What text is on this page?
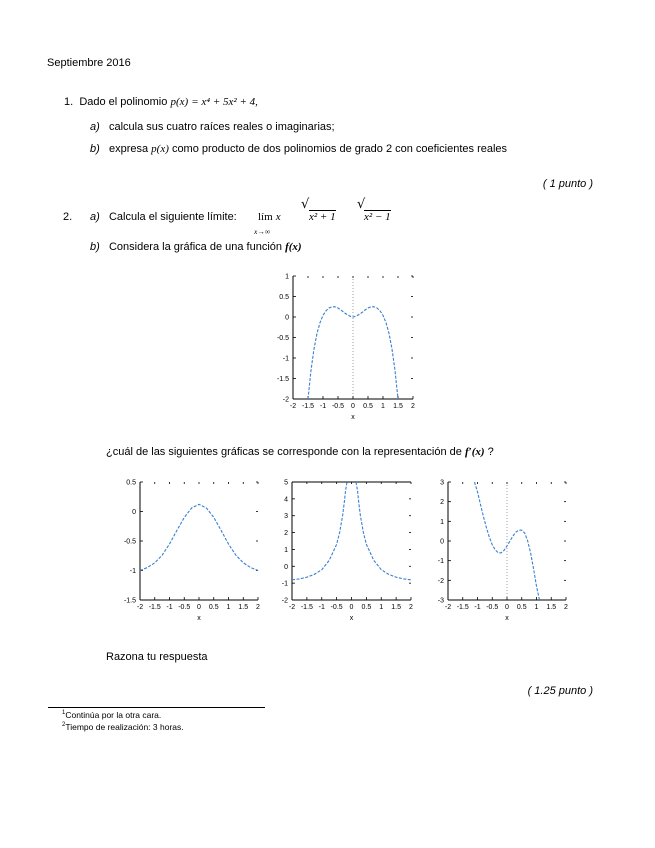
Septiembre 2016
1. Dado el polinomio p(x) = x⁴ + 5x² + 4,
a) calcula sus cuatro raíces reales o imaginarias;
b) expresa p(x) como producto de dos polinomios de grado 2 con coeficientes reales
( 1 punto )
2. a) Calcula el siguiente límite: lím x
x→∞
√
x² + 1
√
x² − 1
b) Considera la gráfica de una función f(x)
1
0.5
0
-0.5
-1
-1.5
-2
-2 -1.5 -1 -0.5 0 0.5 1 1.5 2
x
¿cuál de las siguientes gráficas se corresponde con la representación de f′(x) ?
0.5
0
-0.5
-1
-1.5
-2 -1.5 -1 -0.5 0 0.5 1 1.5 2
x
5
4
3
2
1
0
-1
-2
-2 -1.5 -1 -0.5 0 0.5 1 1.5 2
x
3
2
1
0
-1
-2
-3
-2 -1.5 -1 -0.5 0 0.5 1 1.5 2
x
Razona tu respuesta
( 1.25 punto )
$^1$Continúa por la otra cara.
$^2$Tiempo de realización: 3 horas.
